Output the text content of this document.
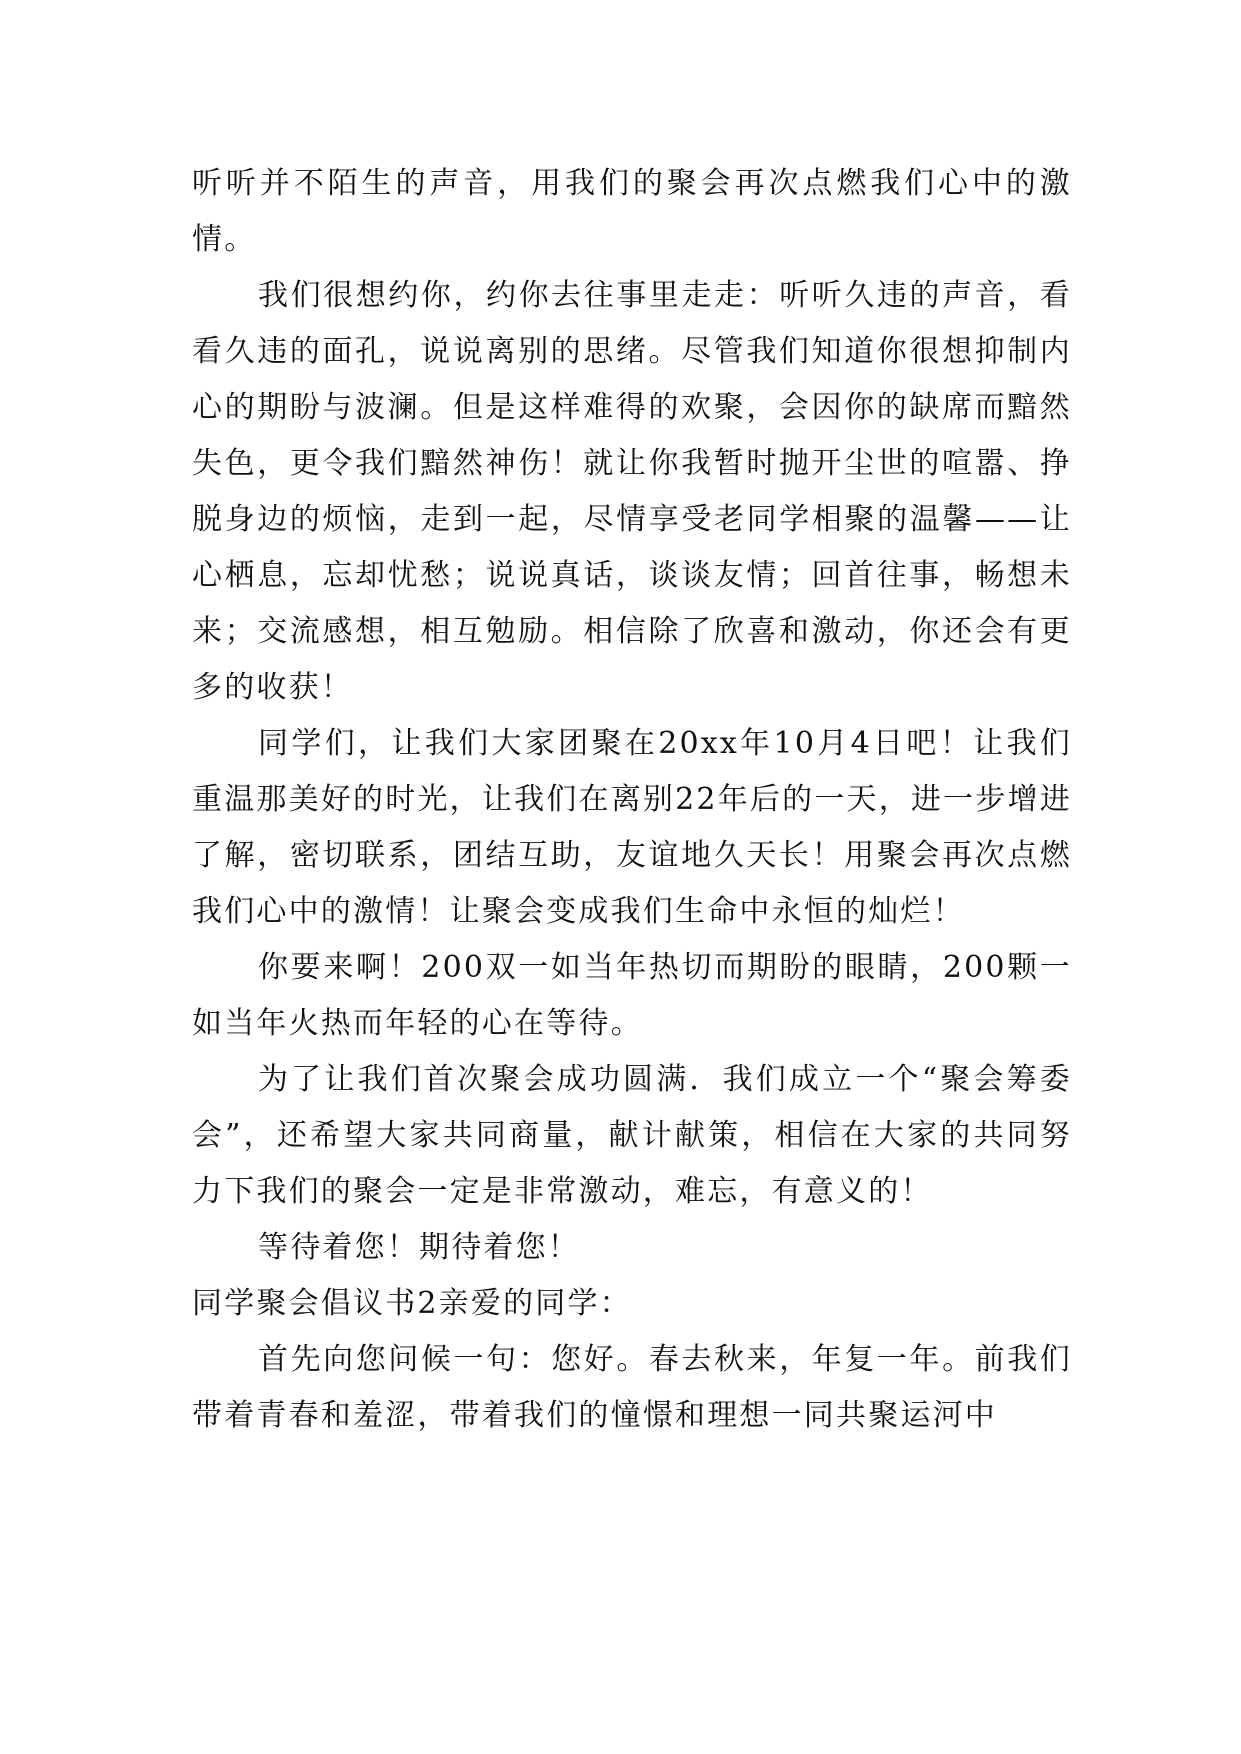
听听并不陌生的声音，用我们的聚会再次点燃我们心中的激情。

我们很想约你，约你去往事里走走：听听久违的声音，看看久违的面孔，说说离别的思绪。尽管我们知道你很想抑制内心的期盼与波澜。但是这样难得的欢聚，会因你的缺席而黯然失色，更令我们黯然神伤！就让你我暂时抛开尘世的喧嚣、挣脱身边的烦恼，走到一起，尽情享受老同学相聚的温馨——让心栖息，忘却忧愁；说说真话，谈谈友情；回首往事，畅想未来；交流感想，相互勉励。相信除了欣喜和激动，你还会有更多的收获！

同学们，让我们大家团聚在20xx年10月4日吧！让我们重温那美好的时光，让我们在离别22年后的一天，进一步增进了解，密切联系，团结互助，友谊地久天长！用聚会再次点燃我们心中的激情！让聚会变成我们生命中永恒的灿烂！

你要来啊！200双一如当年热切而期盼的眼睛，200颗一如当年火热而年轻的心在等待。

为了让我们首次聚会成功圆满．我们成立一个“聚会筹委会”，还希望大家共同商量，献计献策，相信在大家的共同努力下我们的聚会一定是非常激动，难忘，有意义的！

等待着您！期待着您！

同学聚会倡议书2亲爱的同学：

首先向您问候一句：您好。春去秋来，年复一年。前我们带着青春和羞涩，带着我们的憧憬和理想一同共聚运河中
